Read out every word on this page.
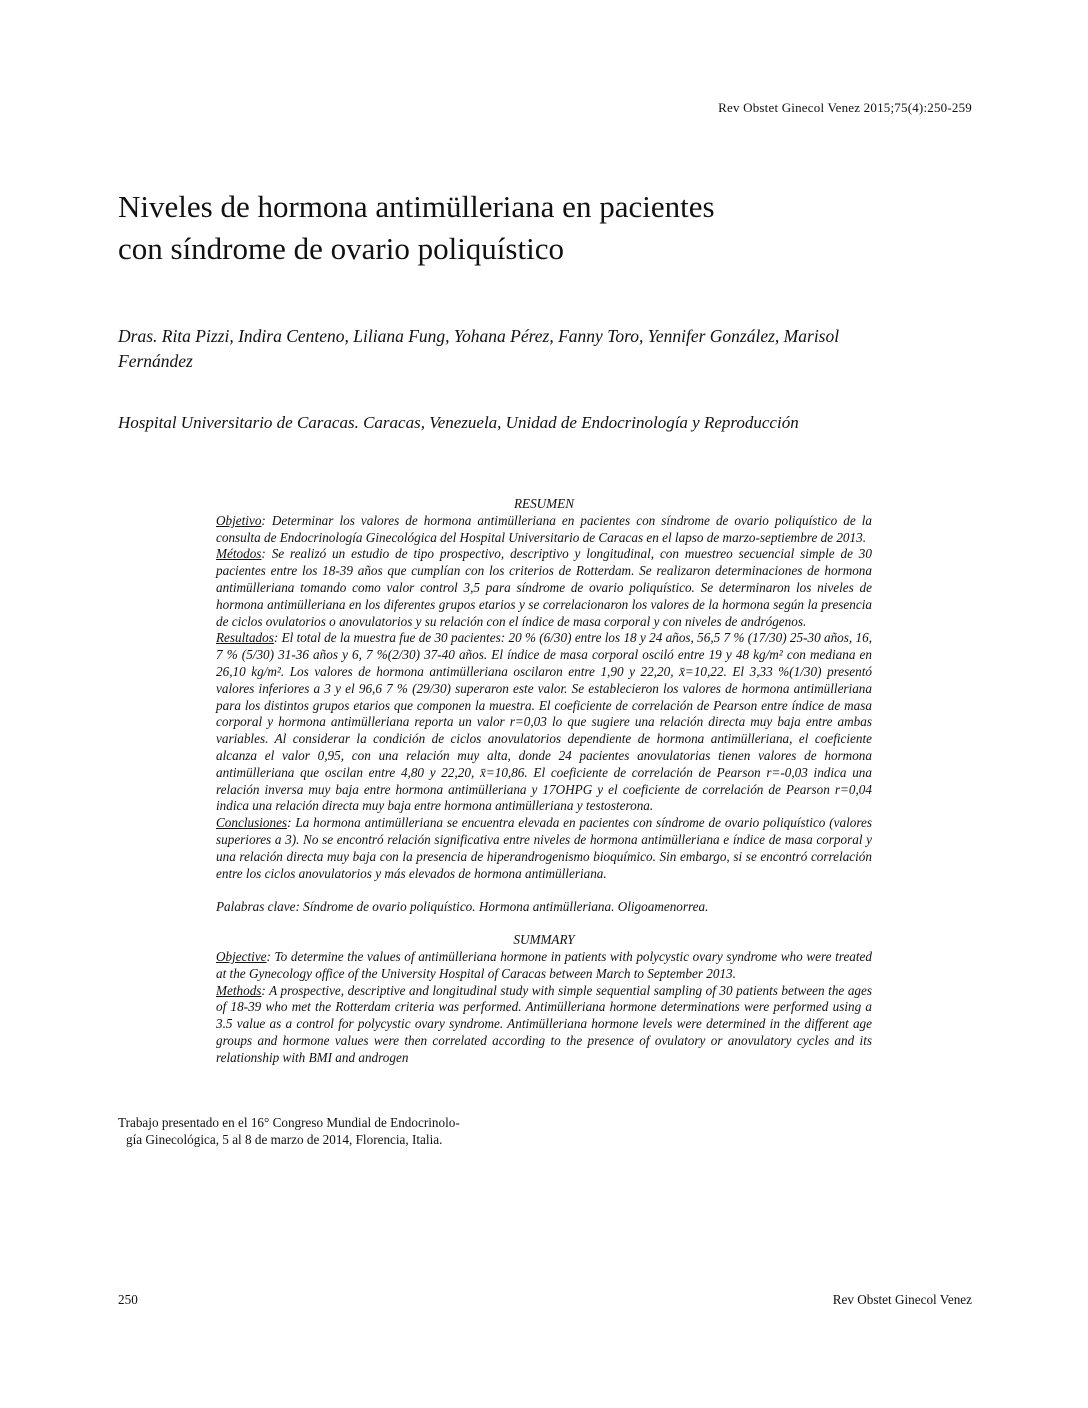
Rev Obstet Ginecol Venez 2015;75(4):250-259
Niveles de hormona antimülleriana en pacientes
con síndrome de ovario poliquístico
Dras. Rita Pizzi, Indira Centeno, Liliana Fung, Yohana Pérez, Fanny Toro, Yennifer González, Marisol
Fernández
Hospital Universitario de Caracas. Caracas, Venezuela, Unidad de Endocrinología y Reproducción

RESUMEN

Objetivo: Determinar los valores de hormona antimülleriana en pacientes con síndrome de ovario poliquístico de la consulta de Endocrinología Ginecológica del Hospital Universitario de Caracas en el lapso de marzo-septiembre de 2013.

Métodos: Se realizó un estudio de tipo prospectivo, descriptivo y longitudinal, con muestreo secuencial simple de 30 pacientes entre los 18-39 años que cumplían con los criterios de Rotterdam. Se realizaron determinaciones de hormona antimülleriana tomando como valor control 3,5 para síndrome de ovario poliquístico. Se determinaron los niveles de hormona antimülleriana en los diferentes grupos etarios y se correlacionaron los valores de la hormona según la presencia de ciclos ovulatorios o anovulatorios y su relación con el índice de masa corporal y con niveles de andrógenos.

Resultados: El total de la muestra fue de 30 pacientes: 20 % (6/30) entre los 18 y 24 años, 56,5 7 % (17/30) 25-30 años, 16, 7 % (5/30) 31-36 años y 6, 7 %(2/30) 37-40 años. El índice de masa corporal osciló entre 19 y 48 kg/m² con mediana en 26,10 kg/m². Los valores de hormona antimülleriana oscilaron entre 1,90 y 22,20, x̄=10,22. El 3,33 %(1/30) presentó valores inferiores a 3 y el 96,6 7 % (29/30) superaron este valor. Se establecieron los valores de hormona antimülleriana para los distintos grupos etarios que componen la muestra. El coeficiente de correlación de Pearson entre índice de masa corporal y hormona antimülleriana reporta un valor r=0,03 lo que sugiere una relación directa muy baja entre ambas variables. Al considerar la condición de ciclos anovulatorios dependiente de hormona antimülleriana, el coeficiente alcanza el valor 0,95, con una relación muy alta, donde 24 pacientes anovulatorias tienen valores de hormona antimülleriana que oscilan entre 4,80 y 22,20, x̄=10,86. El coeficiente de correlación de Pearson r=-0,03 indica una relación inversa muy baja entre hormona antimülleriana y 17OHPG y el coeficiente de correlación de Pearson r=0,04 indica una relación directa muy baja entre hormona antimülleriana y testosterona.

Conclusiones: La hormona antimülleriana se encuentra elevada en pacientes con síndrome de ovario poliquístico (valores superiores a 3). No se encontró relación significativa entre niveles de hormona antimülleriana e índice de masa corporal y una relación directa muy baja con la presencia de hiperandrogenismo bioquímico. Sin embargo, si se encontró correlación entre los ciclos anovulatorios y más elevados de hormona antimülleriana.

Palabras clave: Síndrome de ovario poliquístico. Hormona antimülleriana. Oligoamenorrea.

SUMMARY

Objective: To determine the values of antimülleriana hormone in patients with polycystic ovary syndrome who were treated at the Gynecology office of the University Hospital of Caracas between March to September 2013.

Methods: A prospective, descriptive and longitudinal study with simple sequential sampling of 30 patients between the ages of 18-39 who met the Rotterdam criteria was performed. Antimülleriana hormone determinations were performed using a 3.5 value as a control for polycystic ovary syndrome. Antimülleriana hormone levels were determined in the different age groups and hormone values were then correlated according to the presence of ovulatory or anovulatory cycles and its relationship with BMI and androgen

Trabajo presentado en el 16° Congreso Mundial de Endocrinolo-
gía Ginecológica, 5 al 8 de marzo de 2014, Florencia, Italia.
250	Rev Obstet Ginecol Venez
